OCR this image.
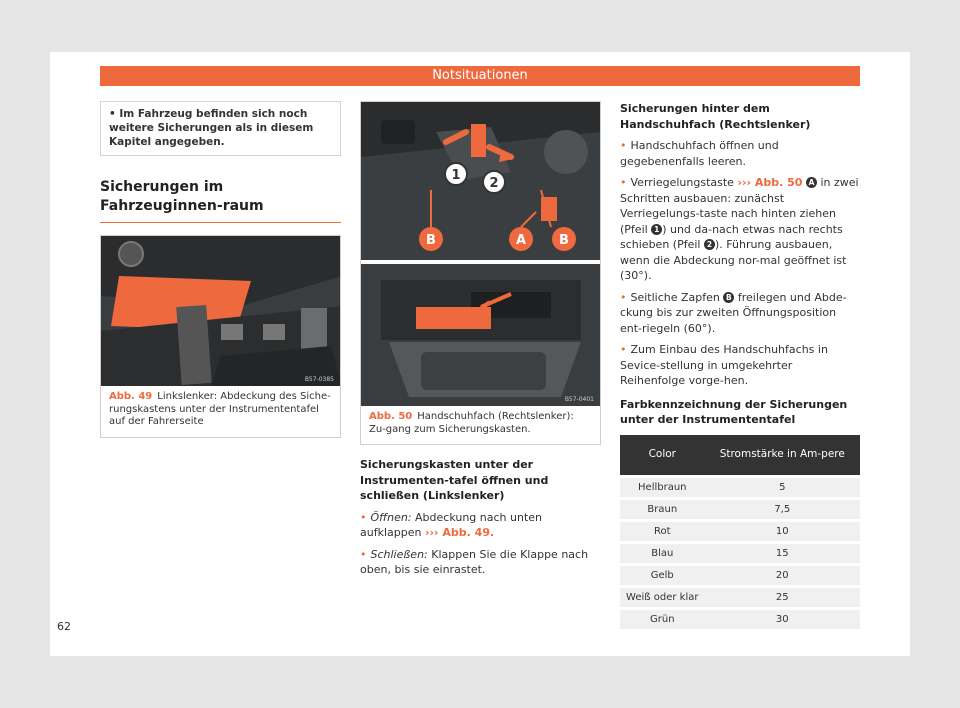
Notsituationen
• Im Fahrzeug befinden sich noch weitere Sicherungen als in diesem Kapitel angegeben.
Sicherungen im Fahrzeuginnen-raum
B57-0385
Abb. 49 Linkslenker: Abdeckung des Siche-rungskastens unter der Instrumententafel auf der Fahrerseite
1
2
B	A	B
B57-0401
Abb. 50 Handschuhfach (Rechtslenker): Zu-gang zum Sicherungskasten.
Sicherungskasten unter der Instrumenten-tafel öffnen und schließen (Linkslenker)
• Öffnen: Abdeckung nach unten aufklappen ››› Abb. 49.
• Schließen: Klappen Sie die Klappe nach oben, bis sie einrastet.
Sicherungen hinter dem Handschuhfach (Rechtslenker)
• Handschuhfach öffnen und gegebenenfalls leeren.
• Verriegelungstaste ››› Abb. 50 A in zwei Schritten ausbauen: zunächst Verriegelungs-taste nach hinten ziehen (Pfeil 1 ) und da-nach etwas nach rechts schieben (Pfeil 2 ). Führung ausbauen, wenn die Abdeckung nor-mal geöffnet ist (30°).
• Seitliche Zapfen B freilegen und Abde-ckung bis zur zweiten Öffnungsposition ent-riegeln (60°).
• Zum Einbau des Handschuhfachs in Sevice-stellung in umgekehrter Reihenfolge vorge-hen.
Farbkennzeichnung der Sicherungen unter der Instrumententafel
Color	Stromstärke in Am-pere
Hellbraun	5
Braun	7,5
Rot	10
Blau	15
Gelb	20
Weiß oder klar	25
Grün	30
62
